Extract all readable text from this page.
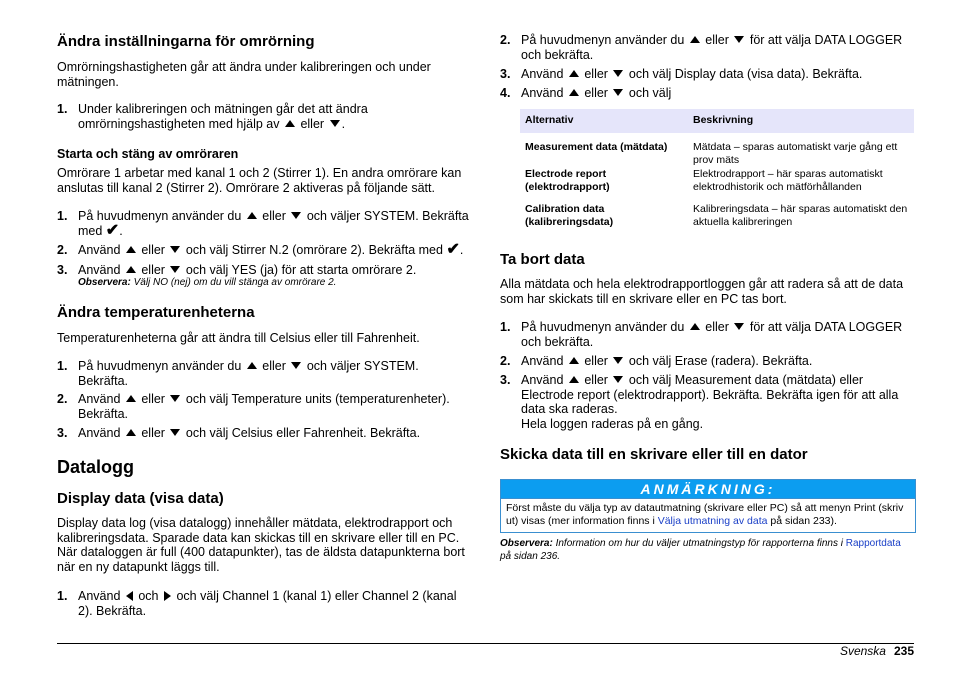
Ändra inställningarna för omrörning

Omrörningshastigheten går att ändra under kalibreringen och under mätningen.

1. Under kalibreringen och mätningen går det att ändra omrörningshastigheten med hjälp av  eller .
Starta och stäng av omröraren

Omrörare 1 arbetar med kanal 1 och 2 (Stirrer 1). En andra omrörare kan anslutas till kanal 2 (Stirrer 2). Omrörare 2 aktiveras på följande sätt.

1. På huvudmenyn använder du  eller  och väljer SYSTEM. Bekräfta med ✔.
2. Använd  eller  och välj Stirrer N.2 (omrörare 2). Bekräfta med ✔.
3. Använd  eller  och välj YES (ja) för att starta omrörare 2.
Observera: Välj NO (nej) om du vill stänga av omrörare 2.
Ändra temperaturenheterna

Temperaturenheterna går att ändra till Celsius eller till Fahrenheit.

1. På huvudmenyn använder du  eller  och väljer SYSTEM. Bekräfta.
2. Använd  eller  och välj Temperature units (temperaturenheter). Bekräfta.
3. Använd  eller  och välj Celsius eller Fahrenheit. Bekräfta.
Datalogg
Display data (visa data)

Display data log (visa datalogg) innehåller mätdata, elektrodrapport och kalibreringsdata. Sparade data kan skickas till en skrivare eller till en PC. När dataloggen är full (400 datapunkter), tas de äldsta datapunkterna bort när en ny datapunkt läggs till.

1. Använd  och  och välj Channel 1 (kanal 1) eller Channel 2 (kanal 2). Bekräfta.
2. På huvudmenyn använder du  eller  för att välja DATA LOGGER och bekräfta.
3. Använd  eller  och välj Display data (visa data). Bekräfta.
4. Använd  eller  och välj
Alternativ	Beskrivning
Measurement data (mätdata)	Mätdata – sparas automatiskt varje gång ett prov mäts
Electrode report (elektrodrapport)	Elektrodrapport – här sparas automatiskt elektrodhistorik och mätförhållanden
Calibration data (kalibreringsdata)	Kalibreringsdata – här sparas automatiskt den aktuella kalibreringen
Ta bort data

Alla mätdata och hela elektrodrapportloggen går att radera så att de data som har skickats till en skrivare eller en PC tas bort.

1. På huvudmenyn använder du  eller  för att välja DATA LOGGER och bekräfta.
2. Använd  eller  och välj Erase (radera). Bekräfta.
3. Använd  eller  och välj Measurement data (mätdata) eller Electrode report (elektrodrapport). Bekräfta. Bekräfta igen för att alla data ska raderas.
Hela loggen raderas på en gång.
Skicka data till en skrivare eller till en dator
ANMÄRKNING:
Först måste du välja typ av datautmatning (skrivare eller PC) så att menyn Print (skriv ut) visas (mer information finns i Välja utmatning av data på sidan 233).
Observera: Information om hur du väljer utmatningstyp för rapporterna finns i Rapportdata på sidan 236.
Svenska 235
